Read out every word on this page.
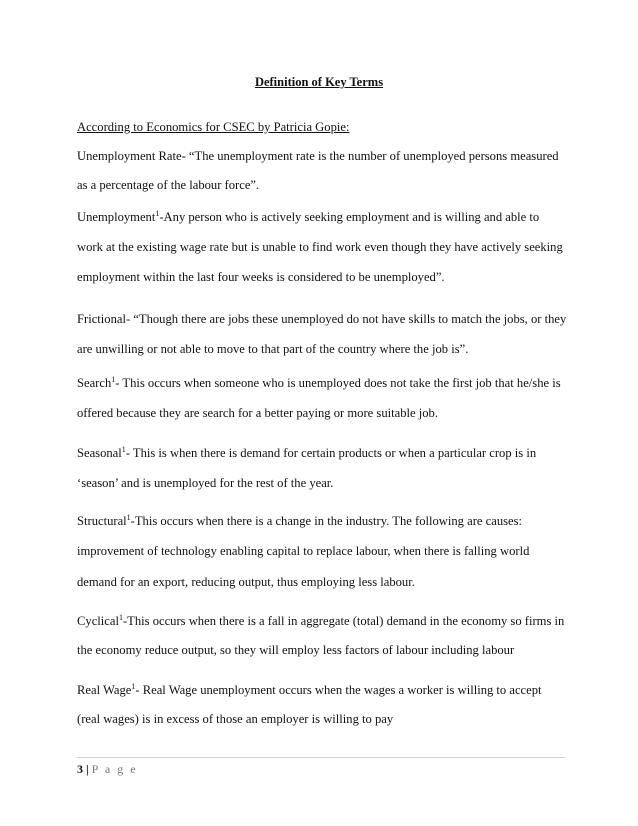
Definition of Key Terms
According to Economics for CSEC by Patricia Gopie:
Unemployment Rate- “The unemployment rate is the number of unemployed persons measured
as a percentage of the labour force”.
Unemployment$^1$-Any person who is actively seeking employment and is willing and able to
work at the existing wage rate but is unable to find work even though they have actively seeking
employment within the last four weeks is considered to be unemployed”.
Frictional- “Though there are jobs these unemployed do not have skills to match the jobs, or they
are unwilling or not able to move to that part of the country where the job is”.
Search$^1$- This occurs when someone who is unemployed does not take the first job that he/she is
offered because they are search for a better paying or more suitable job.
Seasonal$^1$- This is when there is demand for certain products or when a particular crop is in
‘season’ and is unemployed for the rest of the year.
Structural$^1$-This occurs when there is a change in the industry. The following are causes:
improvement of technology enabling capital to replace labour, when there is falling world
demand for an export, reducing output, thus employing less labour.
Cyclical$^1$-This occurs when there is a fall in aggregate (total) demand in the economy so firms in
the economy reduce output, so they will employ less factors of labour including labour
Real Wage$^1$- Real Wage unemployment occurs when the wages a worker is willing to accept
(real wages) is in excess of those an employer is willing to pay
3 | P a g e
